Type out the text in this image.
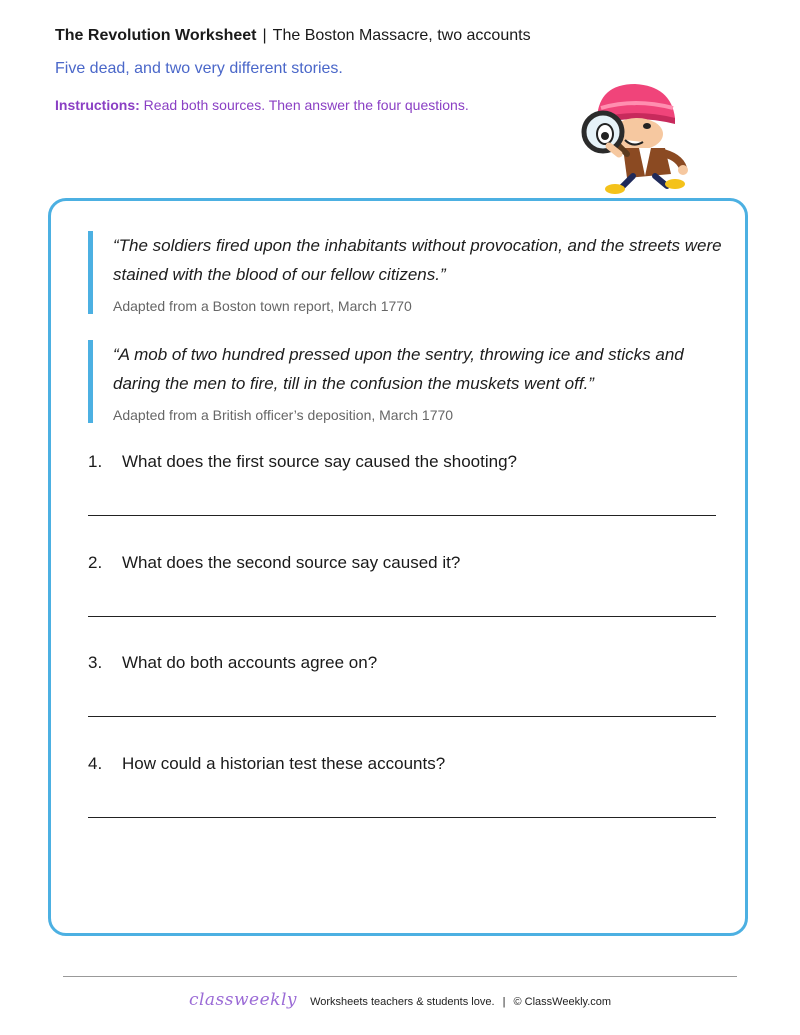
The Revolution Worksheet | The Boston Massacre, two accounts

Five dead, and two very different stories.

Instructions: Read both sources. Then answer the four questions.

“The soldiers fired upon the inhabitants without provocation, and the streets were stained with the blood of our fellow citizens.”

Adapted from a Boston town report, March 1770

“A mob of two hundred pressed upon the sentry, throwing ice and sticks and daring the men to fire, till in the confusion the muskets went off.”

Adapted from a British officer’s deposition, March 1770

1.	What does the first source say caused the shooting?

2.	What does the second source say caused it?

3.	What do both accounts agree on?

4.	How could a historian test these accounts?

classweekly Worksheets teachers & students love. | © ClassWeekly.com
